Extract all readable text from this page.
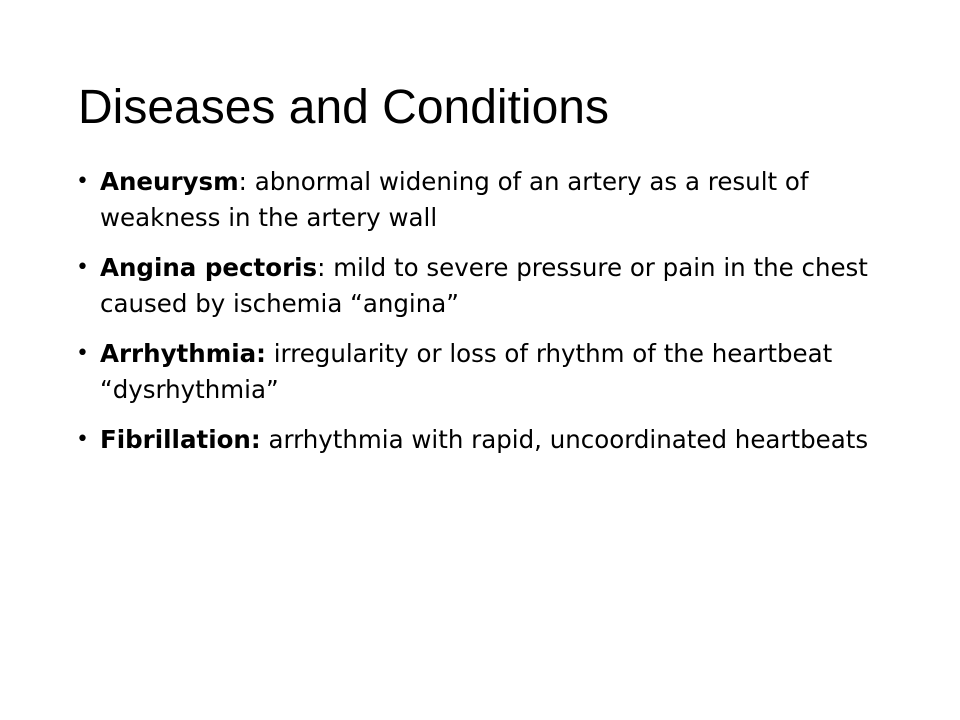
Diseases and Conditions
• Aneurysm: abnormal widening of an artery as a result of weakness in the artery wall
• Angina pectoris: mild to severe pressure or pain in the chest caused by ischemia “angina”
• Arrhythmia: irregularity or loss of rhythm of the heartbeat “dysrhythmia”
• Fibrillation: arrhythmia with rapid, uncoordinated heartbeats
